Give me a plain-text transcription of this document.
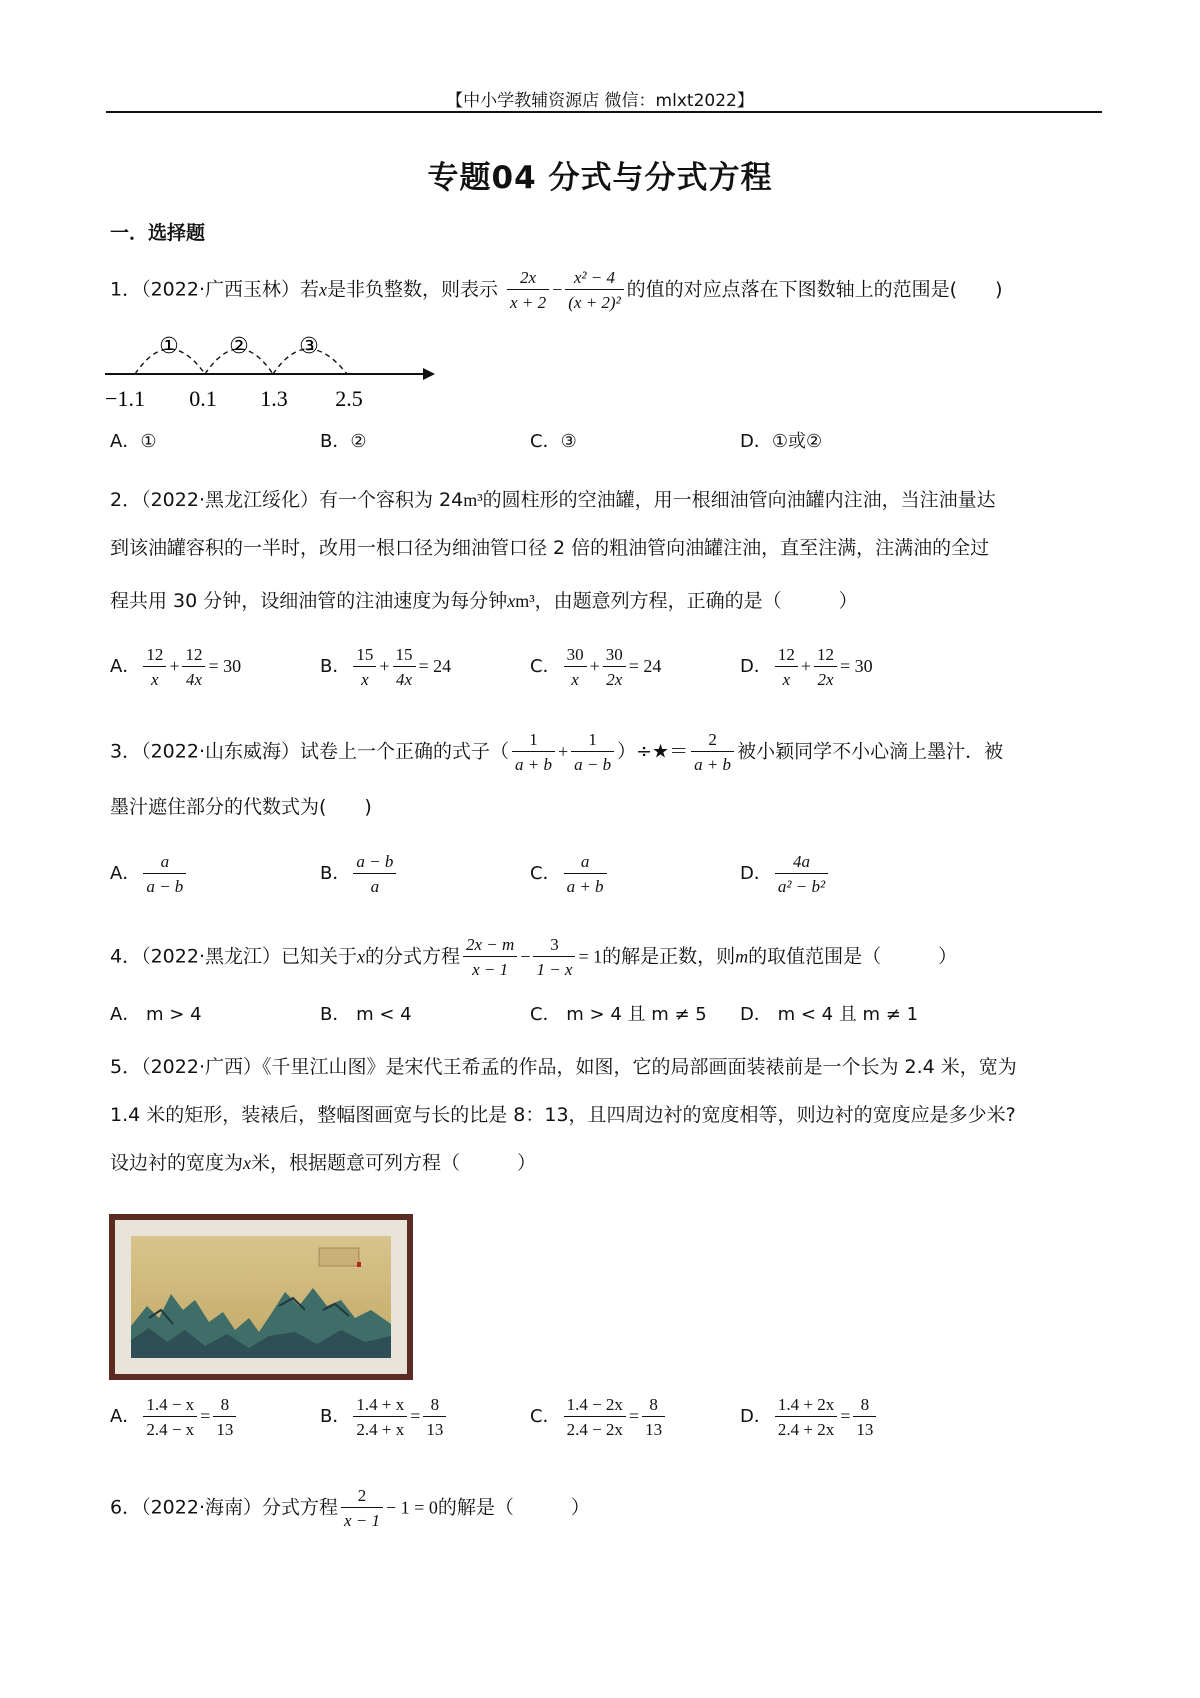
【中小学教辅资源店 微信：mlxt2022】
专题04 分式与分式方程
一．选择题
1．（2022·广西玉林）若x是非负整数，则表示 $\frac{2x}{x + 2} - \frac{\text{x² − 4}}{\text{(x + 2)²}}$ 的值的对应点落在下图数轴上的范围是(　　)
① ② ③
−1.1 0.1 1.3 2.5
A．①	B．②	C．③	D．①或②
2．（2022·黑龙江绥化）有一个容积为 24m³的圆柱形的空油罐，用一根细油管向油罐内注油，当注油量达
到该油罐容积的一半时，改用一根口径为细油管口径 2 倍的粗油管向油罐注油，直至注满，注满油的全过
程共用 30 分钟，设细油管的注油速度为每分钟xm³，由题意列方程，正确的是（　　　）
A． $\frac{12}{x} + \frac{12}{4x} = 30$	B． $\frac{15}{x} + \frac{15}{4x} = 24$	C． $\frac{30}{x} + \frac{30}{2x} = 24$	D． $\frac{12}{x} + \frac{12}{2x} = 30$
3．（2022·山东威海）试卷上一个正确的式子（ $\frac{1}{a + b} + \frac{1}{a - b}$ ）÷★＝ $\frac{2}{a + b}$ 被小颖同学不小心滴上墨汁．被
墨汁遮住部分的代数式为(　　)
A． $\frac{a}{a - b}$	B． $\frac{a - b}{a}$	C． $\frac{a}{a + b}$	D． $\frac{4a}{\text{a² − b²}}$
4．（2022·黑龙江）已知关于x的分式方程 $\frac{2x - m}{x - 1} - \frac{3}{1 - x} = 1$的解是正数，则m的取值范围是（　　　）
A． m > 4	B． m < 4	C． m > 4 且 m ≠ 5 D． m < 4 且 m ≠ 1
5．（2022·广西）《千里江山图》是宋代王希孟的作品，如图，它的局部画面装裱前是一个长为 2.4 米，宽为
1.4 米的矩形，装裱后，整幅图画宽与长的比是 8：13，且四周边衬的宽度相等，则边衬的宽度应是多少米?
设边衬的宽度为x米，根据题意可列方程（　　　）
A． $\frac{1.4 - x}{2.4 - x} = \frac{8}{13}$	B． $\frac{1.4 + x}{2.4 + x} = \frac{8}{13}$	C． $\frac{1.4 - 2x}{2.4 - 2x} = \frac{8}{13}$	D． $\frac{1.4 + 2x}{2.4 + 2x} = \frac{8}{13}$
6．（2022·海南）分式方程 $\frac{2}{x - 1} - 1 = 0$的解是（　　　）
